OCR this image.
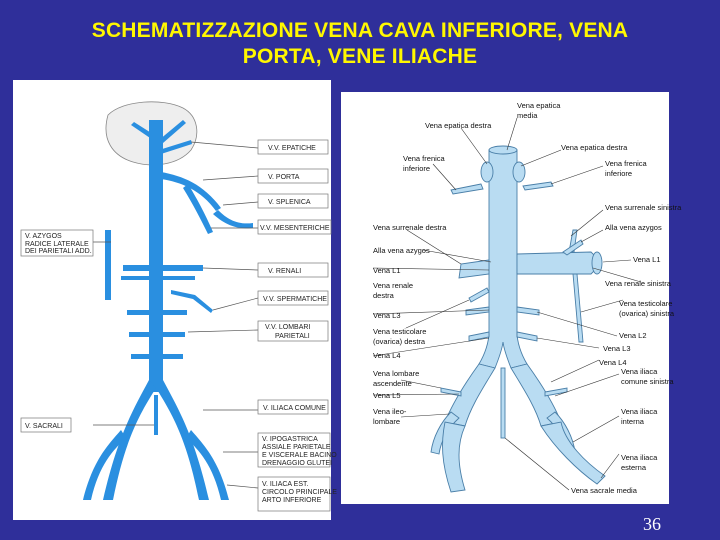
SCHEMATIZZAZIONE VENA CAVA INFERIORE, VENA
PORTA, VENE ILIACHE
V.V. EPATICHE
V. PORTA
V. SPLENICA
V.V. MESENTERICHE
V. AZYGOS
RADICE LATERALE
DEI PARIETALI ADD.
V. RENALI
V.V. SPERMATICHE
V.V. LOMBARI
PARIETALI
V. ILIACA COMUNE
V. SACRALI
V. IPOGASTRICA
ASSIALE PARIETALE
E VISCERALE BACINO
DRENAGGIO GLUTEI
V. ILIACA EST.
CIRCOLO PRINCIPALE
ARTO INFERIORE
Vena epatica
media
Vena epatica destra
Vena epatica destra
Vena frenica
inferiore
Vena frenica
inferiore
Vena surrenale sinistra
Vena surrenale destra	Alla vena azygos
Alla vena azygos
Vena L1
Vena L1
Vena renale
destra
Vena renale sinistra
Vena testicolare
(ovarica) sinistra
Vena L3
Vena testicolare
(ovarica) destra
Vena L2
Vena L3
Vena L4
Vena L4
Vena lombare
ascendente
Vena iliaca
comune sinistra
Vena L5
Vena ileo-
lombare
Vena iliaca
interna
Vena iliaca
esterna
Vena sacrale media
36
